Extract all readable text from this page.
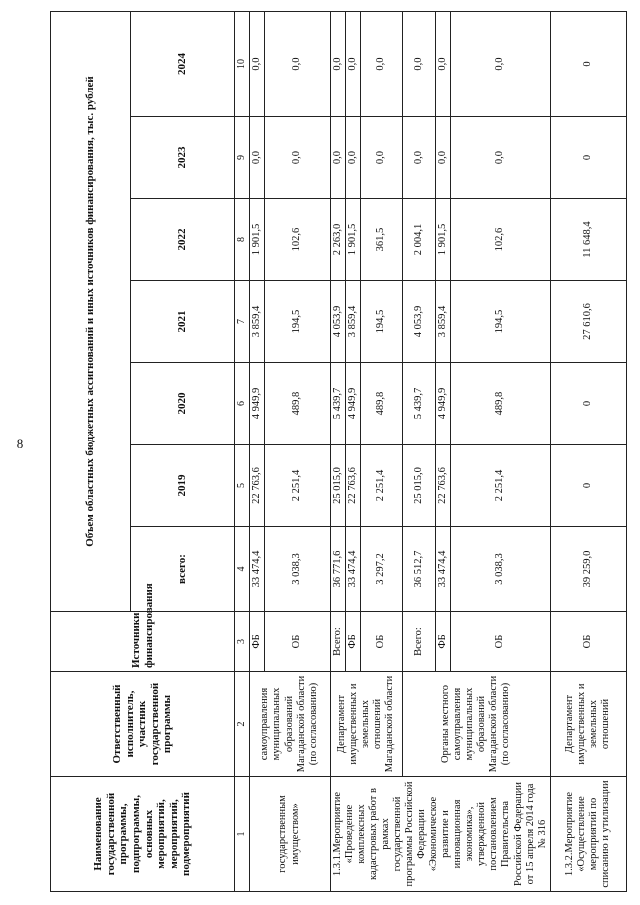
8
Наименование государственной программы, подпрограммы, основных мероприятий, мероприятий, подмероприятий	Ответственный исполнитель, участник государственной программы	Источники финансирования	Объем областных бюджетных ассигнований и иных источников финансирования, тыс. рублей						
			всего:	2019	2020	2021	2022	2023	2024
1	2	3	4	5	6	7	8	9	10
государственным имуществом»	самоуправления муниципальных образований Магаданской области (по согласованию)	ФБ	33 474,4	22 763,6	4 949,9	3 859,4	1 901,5	0,0	0,0
		ОБ	3 038,3	2 251,4	489,8	194,5	102,6	0,0	0,0
1.3.1.Мероприятие «Проведение комплексных кадастровых работ в рамках государственной программы Российской Федерации «Экономическое развитие и инновационная экономика», утвержденной постановлением Правительства Российской Федерации от 15 апреля 2014 года № 316	Департамент имущественных и земельных отношений Магаданской области	Всего:	36 771,6	25 015,0	5 439,7	4 053,9	2 263,0	0,0	0,0
		ФБ	33 474,4	22 763,6	4 949,9	3 859,4	1 901,5	0,0	0,0
		ОБ	3 297,2	2 251,4	489,8	194,5	361,5	0,0	0,0
	Органы местного самоуправления муниципальных образований Магаданской области (по согласованию)	Всего:	36 512,7	25 015,0	5 439,7	4 053,9	2 004,1	0,0	0,0
		ФБ	33 474,4	22 763,6	4 949,9	3 859,4	1 901,5	0,0	0,0
		ОБ	3 038,3	2 251,4	489,8	194,5	102,6	0,0	0,0
1.3.2.Мероприятие «Осуществление мероприятий по списанию и утилизации	Департамент имущественных и земельных отношений	ОБ	39 259,0	0	0	27 610,6	11 648,4	0	0
